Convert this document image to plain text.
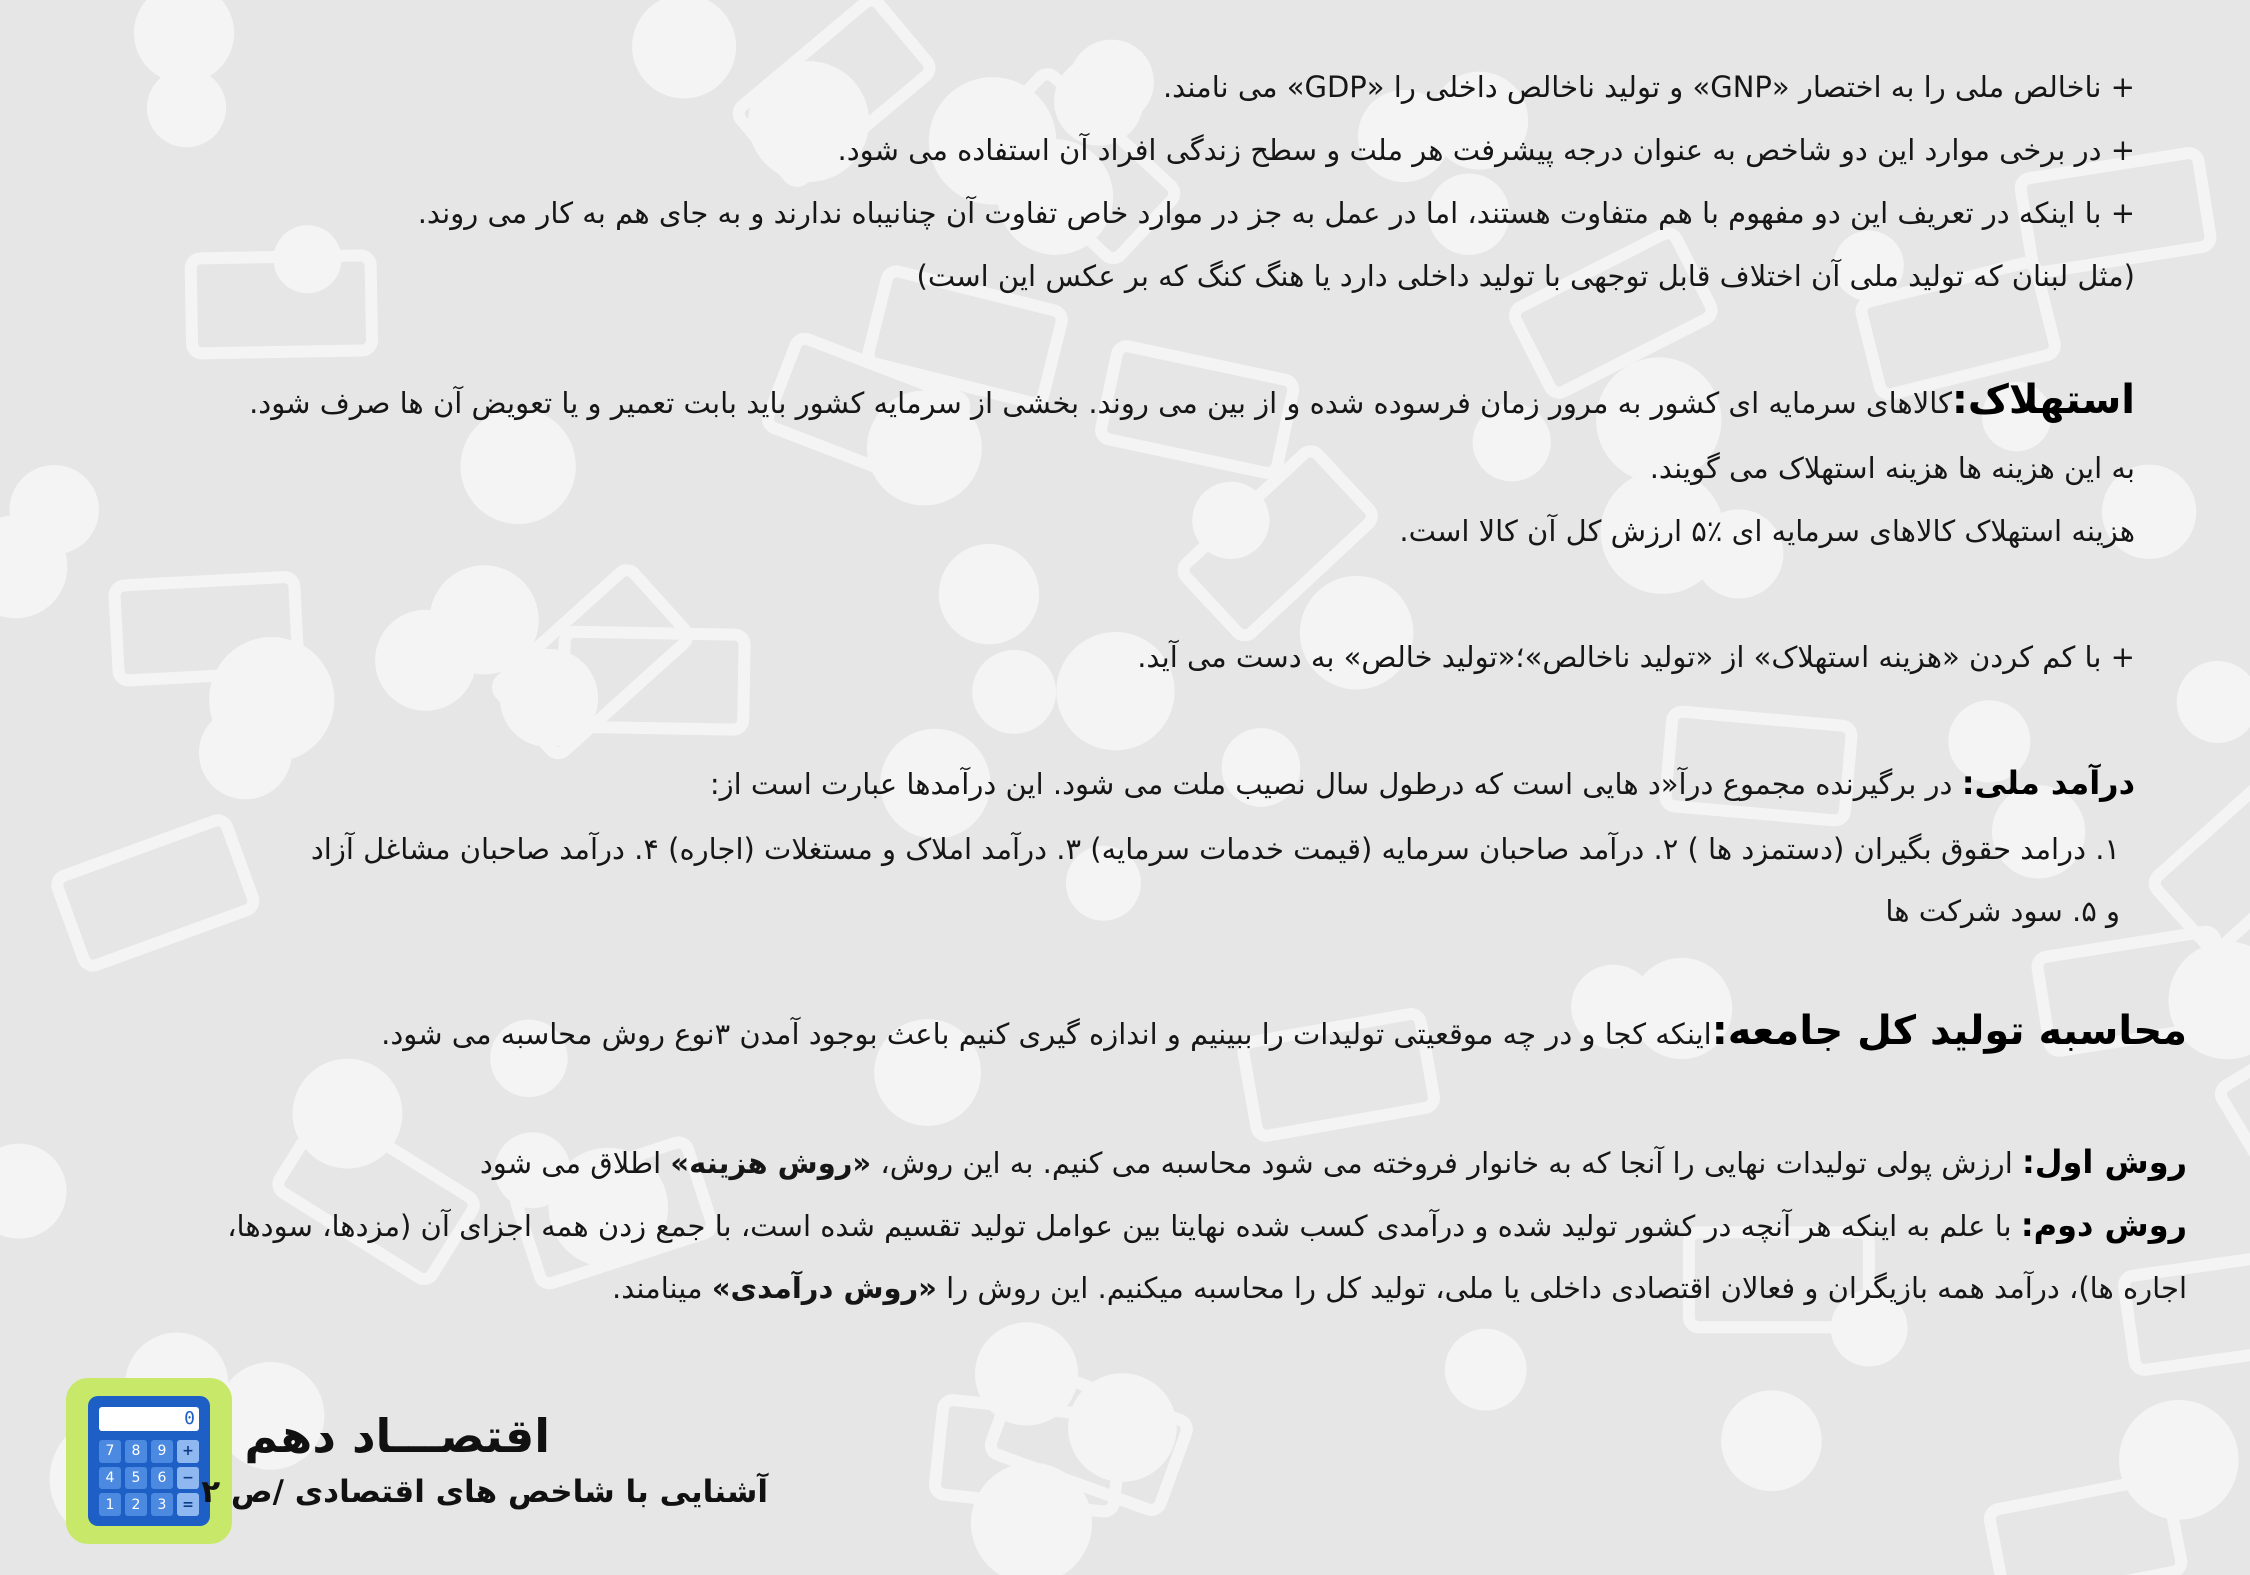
+ ناخالص ملی را به اختصار «GNP» و تولید ناخالص داخلی را «GDP» می نامند.

+ در برخی موارد این دو شاخص به عنوان درجه پیشرفت هر ملت و سطح زندگی افراد آن استفاده می شود.

+ با اینکه در تعریف این دو مفهوم با هم متفاوت هستند، اما در عمل به جز در موارد خاص تفاوت آن چنانیباه ندارند و به جای هم به کار می روند.

(مثل لبنان که تولید ملی آن اختلاف قابل توجهی با تولید داخلی دارد یا هنگ کنگ که بر عکس این است)

استهلاک:کالاهای سرمایه ای کشور به مرور زمان فرسوده شده و از بین می روند. بخشی از سرمایه کشور باید بابت تعمیر و یا تعویض آن ها صرف شود.

به این هزینه ها هزینه استهلاک می گویند.

هزینه استهلاک کالاهای سرمایه ای ٪۵ ارزش کل آن کالا است.

+ با کم کردن «هزینه استهلاک» از «تولید ناخالص»؛«تولید خالص» به دست می آید.

درآمد ملی: در برگیرنده مجموع درآ«د هایی است که درطول سال نصیب ملت می شود. این درآمدها عبارت است از:

۱. درامد حقوق بگیران (دستمزد ها ) ۲. درآمد صاحبان سرمایه (قیمت خدمات سرمایه) ۳. درآمد املاک و مستغلات (اجاره) ۴. درآمد صاحبان مشاغل آزاد

و ۵. سود شرکت ها

محاسبه تولید کل جامعه:اینکه کجا و در چه موقعیتی تولیدات را ببینیم و اندازه گیری کنیم باعث بوجود آمدن ۳نوع روش محاسبه می شود.

روش اول: ارزش پولی تولیدات نهایی را آنجا که به خانوار فروخته می شود محاسبه می کنیم. به این روش، «روش هزینه» اطلاق می شود

روش دوم: با علم به اینکه هر آنچه در کشور تولید شده و درآمدی کسب شده نهایتا بین عوامل تولید تقسیم شده است، با جمع زدن همه اجزای آن (مزدها، سودها،

اجاره ها)، درآمد همه بازیگران و فعالان اقتصادی داخلی یا ملی، تولید کل را محاسبه میکنیم. این روش را «روش درآمدی» مینامند.

0
7	8	9	+
4	5	6	−
1	2	3	=

اقتصـــاد دهم

آشنایی با شاخص های اقتصادی /ص ۲
